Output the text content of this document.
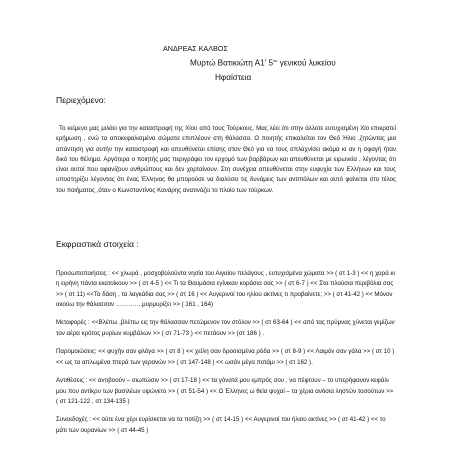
ΑΝΔΡΕΑΣ ΚΑΛΒΟΣ
Μυρτώ Βατικιώτη Α1' $5^{o\upsilon}$ γενικού λυκείου
Ηφαίστεια
Περιεχόμενο:
Το κείμενο μας μιλάει για την καταστροφή της Χίου από τους Τούρκους. Μας λέει ότι στην άλλοτε ευτυχισμένη Χίο επικρατεί ερήμωση , ενώ τα αποκεφαλισμένα σώματα επιπλέουν στη θάλασσα. Ο ποιητής επικαλείται τον Θεό Ήλιο ,ζητώντας μια απάντηση για αυτήν την καταστροφή και απευθύνεται επίσης στον Θεό για να τους σπλαχνίσει ακόμα κι αν η σφαγή ήταν δικό του θέλημα. Αργότερα ο ποιητής μας περιγράφει τον ερχομό των βαρβάρων και απευθύνεται με ειρωνεία , λέγοντας ότι είναι αυτοί που αφανίζουν ανθρώπους και δεν χορταίνουν. Στη συνέχεια απευθύνεται στην ευφυχία των Ελλήνων και τους υποστηρίζει λέγοντας ότι ένας Έλληνας θα μπορούσε να διαλύσει τις δυνάμεις των αντιπάλων και αυτό φαίνεται στο τέλος του ποιήματος ,όταν ο Κωνσταντίνος Κανάρης ανατινάζει το πλοίο των τούρκων.
Εκφραστικά στοιχεία :
Προσωποποιήσεις : << χλωρά , μοσχοβολούντα νησία του Αιγαίου πελάγους , ευτυχισμένα χώματα >> ( στ 1-3 ) << η χαρά κι η ειρήνη πάντα εκατοίκουν >> ( στ 4-5 ) << Τι τα Θαυμάσια εγίνικαν κοράσια σας >> ( στ 6-7 ) << Στα πλούσια περιβόλια σας >> ( στ 11) <<Τα δάση , τα λαγκάδια σας >> ( στ 16 ) << Αυγερινοί του ηλίου ακτίνες τι προβαίνετε; >> ( στ 41-42 ) << Μόνον ακούω την θάλασσαν ………….μυρμυρίζει >> ( 161 , 164)
Μεταφορές : <<Βλέπω ,βλέπω εις την θάλασσαν πετώμενον τον στόλον >> ( στ 63-64 ) << από τας πρύμνας χύνεται γεμίζων τον αέρα κρότος μυρίων κυμβάλων >> ( στ 71-73 ) << πετάουν >> (στ 186 ) .
Παρομοιώσεις: << φυχήν σαν φλόγα >> ( στ 8 ) << χείλη σαν δροσισμένα ρόδα >> ( στ 8-9 ) << Λαιμόν σαν γάλα >> ( στ 10 ) << ως τα απλωμένα πτερά των γερανών >> ( στ 147-148 ) << ωσάν μέγα ποτάμι >> ( στ 162 ).
Αντιθέσεις : << αντιβοούν – σιωπώσιν >> ( στ 17-18 ) << τα γόνατά μου εμπρός σου , να πέφτουν – το υπερήφανον κεφάλι μου που αντίκρυ των βασιλέων υψώνετο >> ( στ 51-54 ) << Ω Έλληνες ω θεία ψυχαί – τα χέρια ανόσια ληστών τοσούτων >> ( στ 121-122 , στ 134-135 )
Συνεκδοχές : << ούτε ένα χέρι ευρίσκεται να τα ποτίζη >> ( στ 14-15 ) << Αυγερινοί του ήλιου ακτίνες >> ( στ 41-42 ) << το μάτι των ουρανίων >> ( στ 44-45 )
